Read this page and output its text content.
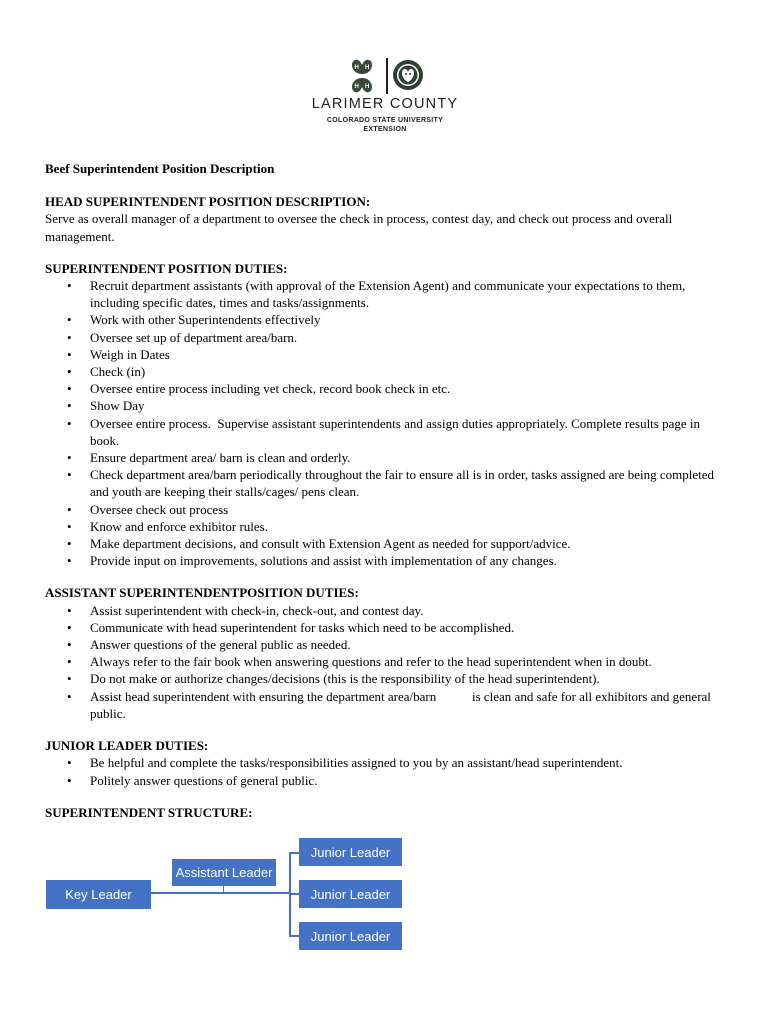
H H
H H
LARIMER COUNTY
COLORADO STATE UNIVERSITY
EXTENSION

Beef Superintendent Position Description

HEAD SUPERINTENDENT POSITION DESCRIPTION:

Serve as overall manager of a department to oversee the check in process, contest day, and check out process and overall management.

SUPERINTENDENT POSITION DUTIES:

• Recruit department assistants (with approval of the Extension Agent) and communicate your expectations to them, including specific dates, times and tasks/assignments.
• Work with other Superintendents effectively
• Oversee set up of department area/barn.
• Weigh in Dates
• Check (in)
• Oversee entire process including vet check, record book check in etc.
• Show Day
• Oversee entire process.  Supervise assistant superintendents and assign duties appropriately. Complete results page in book.
• Ensure department area/ barn is clean and orderly.
• Check department area/barn periodically throughout the fair to ensure all is in order, tasks assigned are being completed and youth are keeping their stalls/cages/ pens clean.
• Oversee check out process
• Know and enforce exhibitor rules.
• Make department decisions, and consult with Extension Agent as needed for support/advice.
• Provide input on improvements, solutions and assist with implementation of any changes.

ASSISTANT SUPERINTENDENTPOSITION DUTIES:

• Assist superintendent with check-in, check-out, and contest day.
• Communicate with head superintendent for tasks which need to be accomplished.
• Answer questions of the general public as needed.
• Always refer to the fair book when answering questions and refer to the head superintendent when in doubt.
• Do not make or authorize changes/decisions (this is the responsibility of the head superintendent).
• Assist head superintendent with ensuring the department area/barn           is clean and safe for all exhibitors and general public.

JUNIOR LEADER DUTIES:

• Be helpful and complete the tasks/responsibilities assigned to you by an assistant/head superintendent.
• Politely answer questions of general public.

SUPERINTENDENT STRUCTURE:

Key Leader
Assistant Leader
Junior Leader
Junior Leader
Junior Leader
